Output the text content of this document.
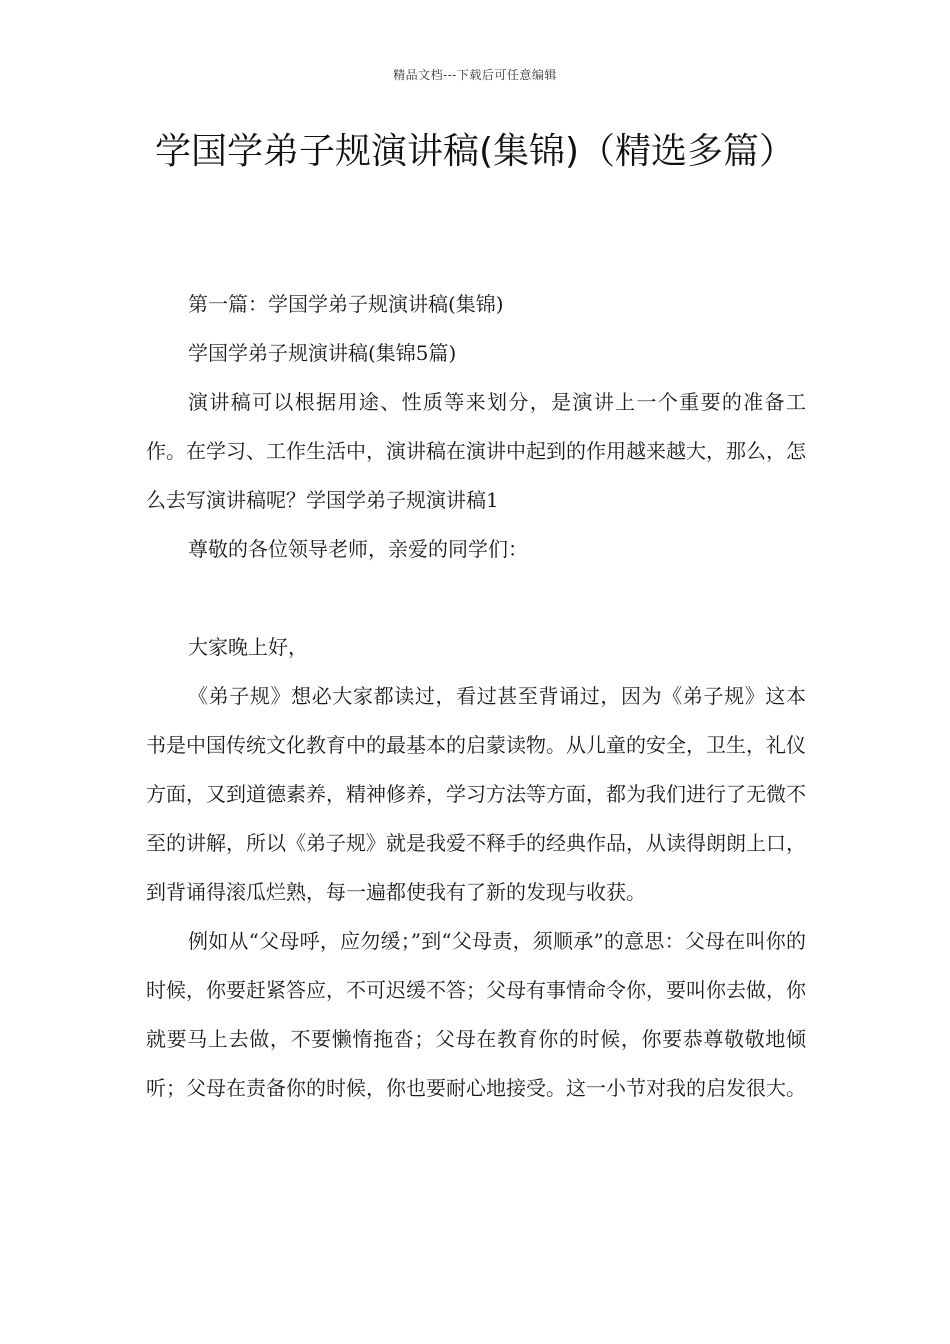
精品文档---下载后可任意编辑
学国学弟子规演讲稿(集锦)（精选多篇）

第一篇：学国学弟子规演讲稿(集锦)

学国学弟子规演讲稿(集锦5篇)

演讲稿可以根据用途、性质等来划分，是演讲上一个重要的准备工作。在学习、工作生活中，演讲稿在演讲中起到的作用越来越大，那么，怎么去写演讲稿呢？学国学弟子规演讲稿1

尊敬的各位领导老师，亲爱的同学们：

大家晚上好，

《弟子规》想必大家都读过，看过甚至背诵过，因为《弟子规》这本书是中国传统文化教育中的最基本的启蒙读物。从儿童的安全，卫生，礼仪方面，又到道德素养，精神修养，学习方法等方面，都为我们进行了无微不至的讲解，所以《弟子规》就是我爱不释手的经典作品，从读得朗朗上口，到背诵得滚瓜烂熟，每一遍都使我有了新的发现与收获。

例如从“父母呼，应勿缓；”到“父母责，须顺承”的意思：父母在叫你的时候，你要赶紧答应，不可迟缓不答；父母有事情命令你，要叫你去做，你就要马上去做，不要懒惰拖沓；父母在教育你的时候，你要恭尊敬敬地倾听；父母在责备你的时候，你也要耐心地接受。这一小节对我的启发很大。
